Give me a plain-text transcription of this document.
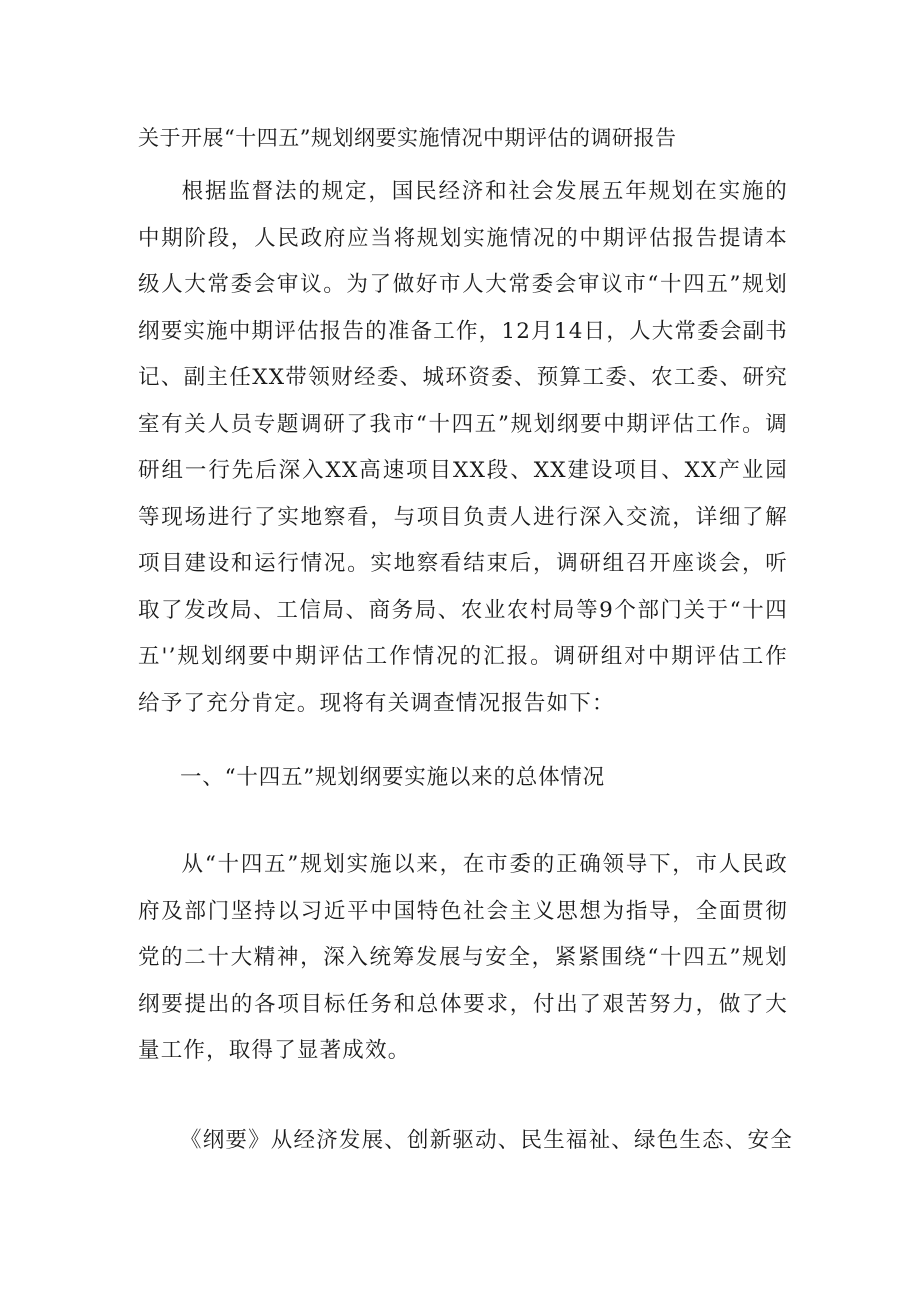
关于开展“十四五”规划纲要实施情况中期评估的调研报告

根据监督法的规定，国民经济和社会发展五年规划在实施的中期阶段，人民政府应当将规划实施情况的中期评估报告提请本级人大常委会审议。为了做好市人大常委会审议市“十四五”规划纲要实施中期评估报告的准备工作，12月14日，人大常委会副书记、副主任XX带领财经委、城环资委、预算工委、农工委、研究室有关人员专题调研了我市“十四五”规划纲要中期评估工作。调研组一行先后深入XX高速项目XX段、XX建设项目、XX产业园等现场进行了实地察看，与项目负责人进行深入交流，详细了解项目建设和运行情况。实地察看结束后，调研组召开座谈会，听取了发改局、工信局、商务局、农业农村局等9个部门关于“十四五'’规划纲要中期评估工作情况的汇报。调研组对中期评估工作给予了充分肯定。现将有关调查情况报告如下：

一、“十四五”规划纲要实施以来的总体情况

从“十四五”规划实施以来，在市委的正确领导下，市人民政府及部门坚持以习近平中国特色社会主义思想为指导，全面贯彻党的二十大精神，深入统筹发展与安全，紧紧围绕“十四五”规划纲要提出的各项目标任务和总体要求，付出了艰苦努力，做了大量工作，取得了显著成效。

《纲要》从经济发展、创新驱动、民生福祉、绿色生态、安全
